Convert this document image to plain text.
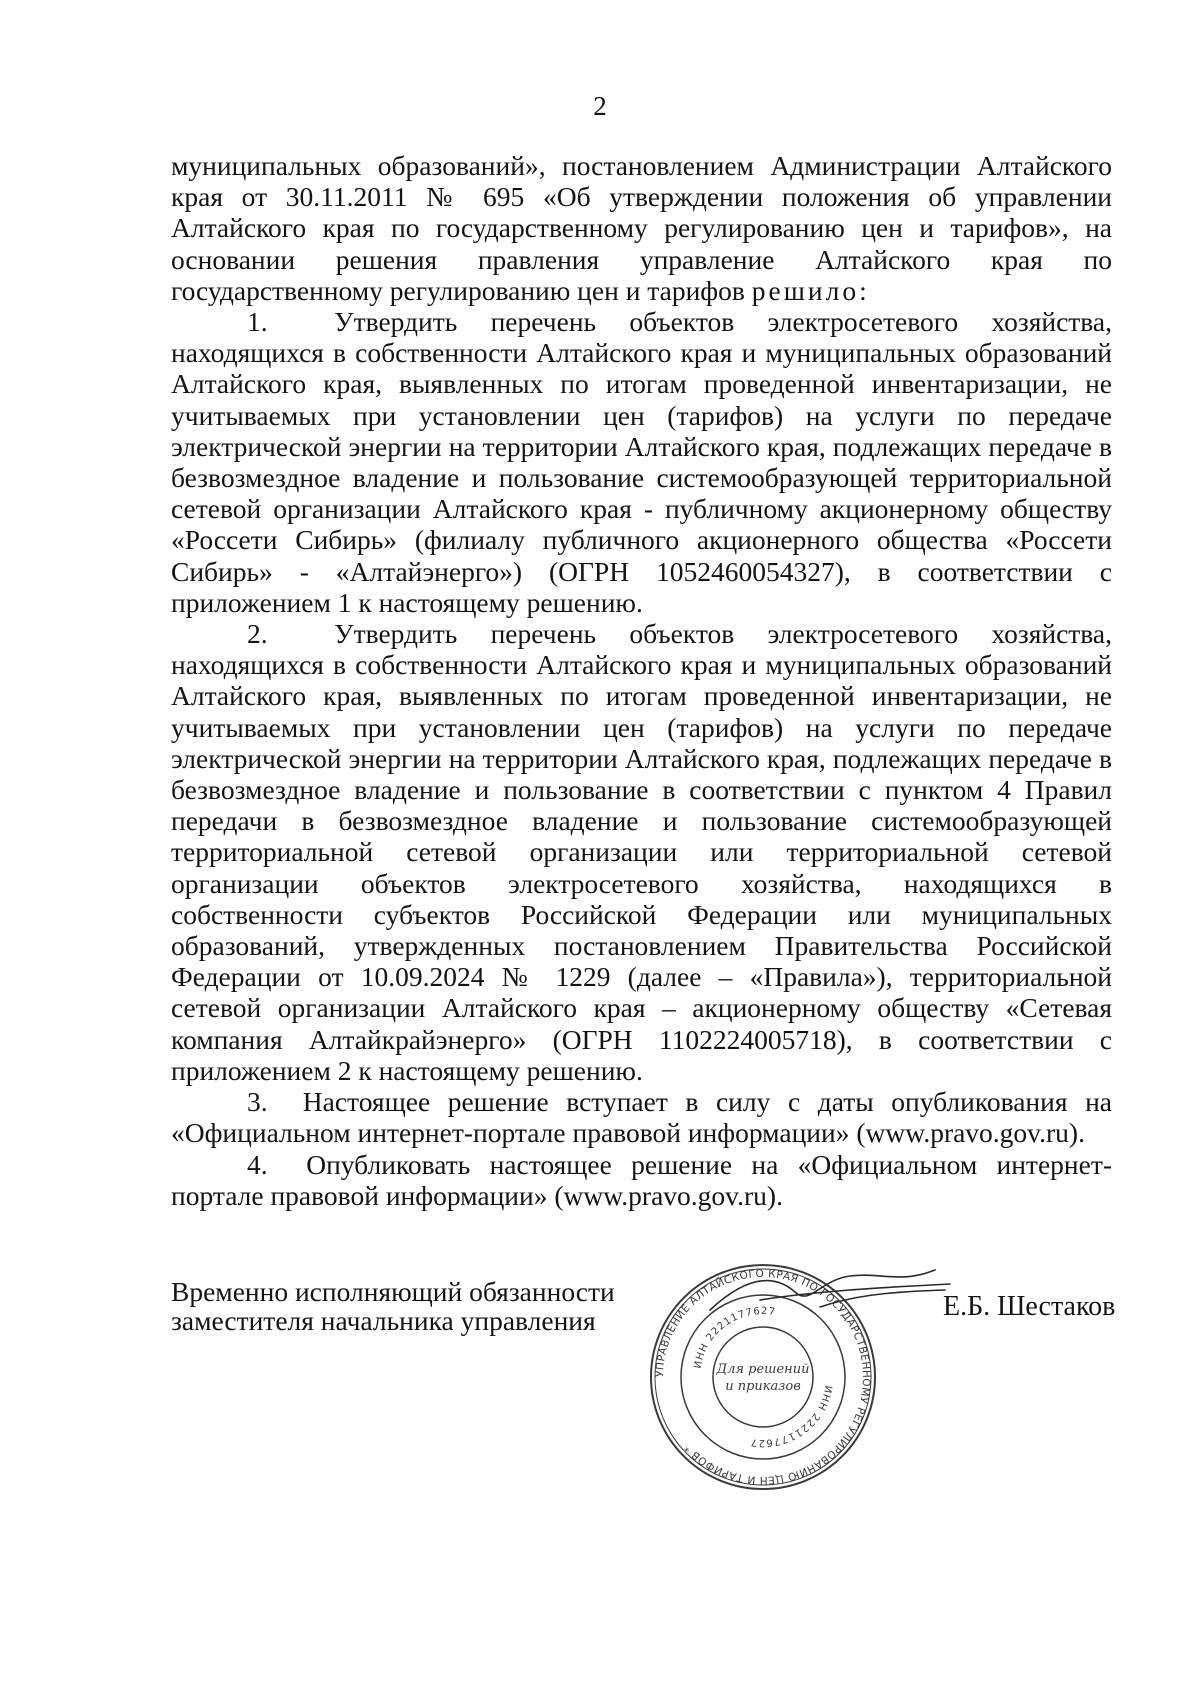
2

муниципальных образований», постановлением Администрации Алтайского края от 30.11.2011 № 695 «Об утверждении положения об управлении Алтайского края по государственному регулированию цен и тарифов», на основании решения правления управление Алтайского края по государственному регулированию цен и тарифов решило:

1. Утвердить перечень объектов электросетевого хозяйства, находящихся в собственности Алтайского края и муниципальных образований Алтайского края, выявленных по итогам проведенной инвентаризации, не учитываемых при установлении цен (тарифов) на услуги по передаче электрической энергии на территории Алтайского края, подлежащих передаче в безвозмездное владение и пользование системообразующей территориальной сетевой организации Алтайского края - публичному акционерному обществу «Россети Сибирь» (филиалу публичного акционерного общества «Россети Сибирь» - «Алтайэнерго») (ОГРН 1052460054327), в соответствии с приложением 1 к настоящему решению.

2. Утвердить перечень объектов электросетевого хозяйства, находящихся в собственности Алтайского края и муниципальных образований Алтайского края, выявленных по итогам проведенной инвентаризации, не учитываемых при установлении цен (тарифов) на услуги по передаче электрической энергии на территории Алтайского края, подлежащих передаче в безвозмездное владение и пользование в соответствии с пунктом 4 Правил передачи в безвозмездное владение и пользование системообразующей территориальной сетевой организации или территориальной сетевой организации объектов электросетевого хозяйства, находящихся в собственности субъектов Российской Федерации или муниципальных образований, утвержденных постановлением Правительства Российской Федерации от 10.09.2024 № 1229 (далее – «Правила»), территориальной сетевой организации Алтайского края – акционерному обществу «Сетевая компания Алтайкрайэнерго» (ОГРН 1102224005718), в соответствии с приложением 2 к настоящему решению.

3. Настоящее решение вступает в силу с даты опубликования на «Официальном интернет-портале правовой информации» (www.pravo.gov.ru).

4. Опубликовать настоящее решение на «Официальном интернет-портале правовой информации» (www.pravo.gov.ru).

Временно исполняющий обязанности
заместителя начальника управления
УПРАВЛЕНИЕ АЛТАЙСКОГО КРАЯ ПО ГОСУДАРСТВЕННОМУ РЕГУЛИРОВАНИЮ ЦЕН И ТАРИФОВ *
ИНН 2221177627
ИНН 2221177627
Для решений
и приказов
Е.Б. Шестаков
